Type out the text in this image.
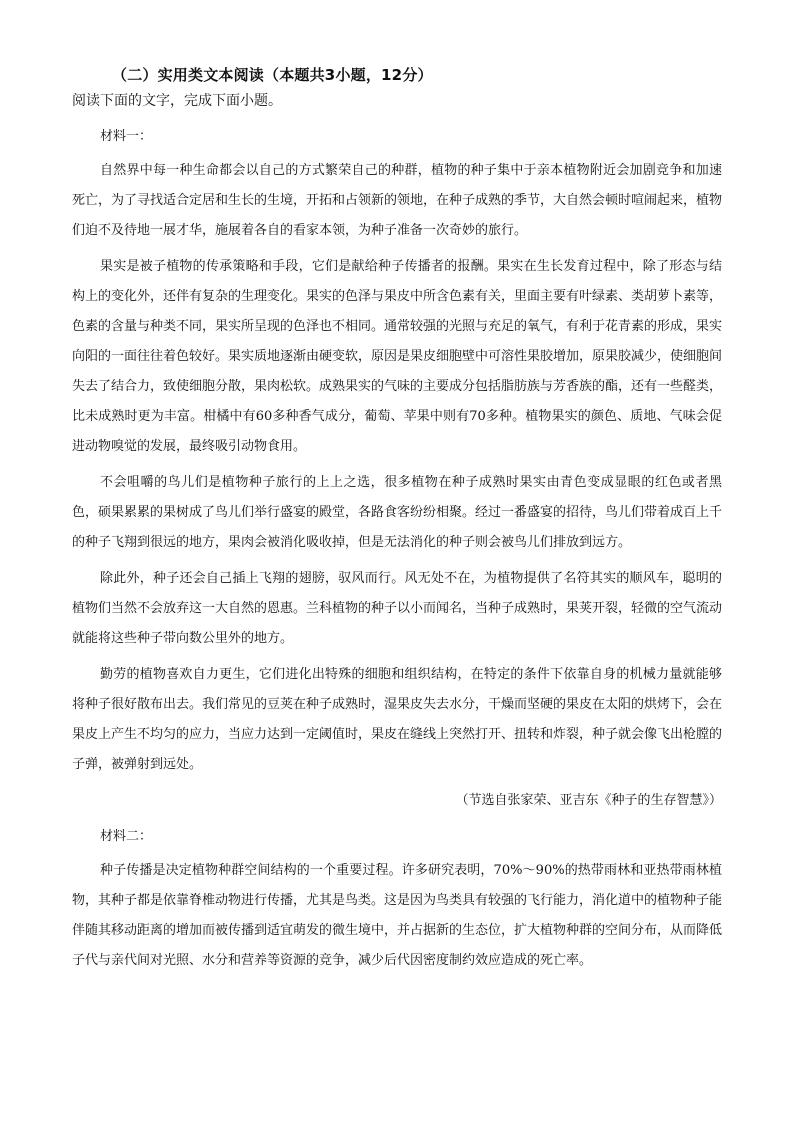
（二）实用类文本阅读（本题共3小题，12分）
阅读下面的文字，完成下面小题。
材料一：

自然界中每一种生命都会以自己的方式繁荣自己的种群，植物的种子集中于亲本植物附近会加剧竞争和加速死亡，为了寻找适合定居和生长的生境，开拓和占领新的领地，在种子成熟的季节，大自然会顿时喧闹起来，植物们迫不及待地一展才华，施展着各自的看家本领，为种子准备一次奇妙的旅行。

果实是被子植物的传承策略和手段，它们是献给种子传播者的报酬。果实在生长发育过程中，除了形态与结构上的变化外，还伴有复杂的生理变化。果实的色泽与果皮中所含色素有关，里面主要有叶绿素、类胡萝卜素等，色素的含量与种类不同，果实所呈现的色泽也不相同。通常较强的光照与充足的氧气，有利于花青素的形成，果实向阳的一面往往着色较好。果实质地逐渐由硬变软，原因是果皮细胞壁中可溶性果胶增加，原果胶减少，使细胞间失去了结合力，致使细胞分散，果肉松软。成熟果实的气味的主要成分包括脂肪族与芳香族的酯，还有一些醛类，比未成熟时更为丰富。柑橘中有60多种香气成分，葡萄、苹果中则有70多种。植物果实的颜色、质地、气味会促进动物嗅觉的发展，最终吸引动物食用。

不会咀嚼的鸟儿们是植物种子旅行的上上之选，很多植物在种子成熟时果实由青色变成显眼的红色或者黑色，硕果累累的果树成了鸟儿们举行盛宴的殿堂，各路食客纷纷相聚。经过一番盛宴的招待，鸟儿们带着成百上千的种子飞翔到很远的地方，果肉会被消化吸收掉，但是无法消化的种子则会被鸟儿们排放到远方。

除此外，种子还会自己插上飞翔的翅膀，驭风而行。风无处不在，为植物提供了名符其实的顺风车，聪明的植物们当然不会放弃这一大自然的恩惠。兰科植物的种子以小而闻名，当种子成熟时，果荚开裂，轻微的空气流动就能将这些种子带向数公里外的地方。

勤劳的植物喜欢自力更生，它们进化出特殊的细胞和组织结构，在特定的条件下依靠自身的机械力量就能够将种子很好散布出去。我们常见的豆荚在种子成熟时，湿果皮失去水分，干燥而坚硬的果皮在太阳的烘烤下，会在果皮上产生不均匀的应力，当应力达到一定阈值时，果皮在缝线上突然打开、扭转和炸裂，种子就会像飞出枪膛的子弹，被弹射到远处。

（节选自张家荣、亚吉东《种子的生存智慧》）
材料二：

种子传播是决定植物种群空间结构的一个重要过程。许多研究表明，70%～90%的热带雨林和亚热带雨林植物，其种子都是依靠脊椎动物进行传播，尤其是鸟类。这是因为鸟类具有较强的飞行能力，消化道中的植物种子能伴随其移动距离的增加而被传播到适宜萌发的微生境中，并占据新的生态位，扩大植物种群的空间分布，从而降低子代与亲代间对光照、水分和营养等资源的竞争，减少后代因密度制约效应造成的死亡率。
